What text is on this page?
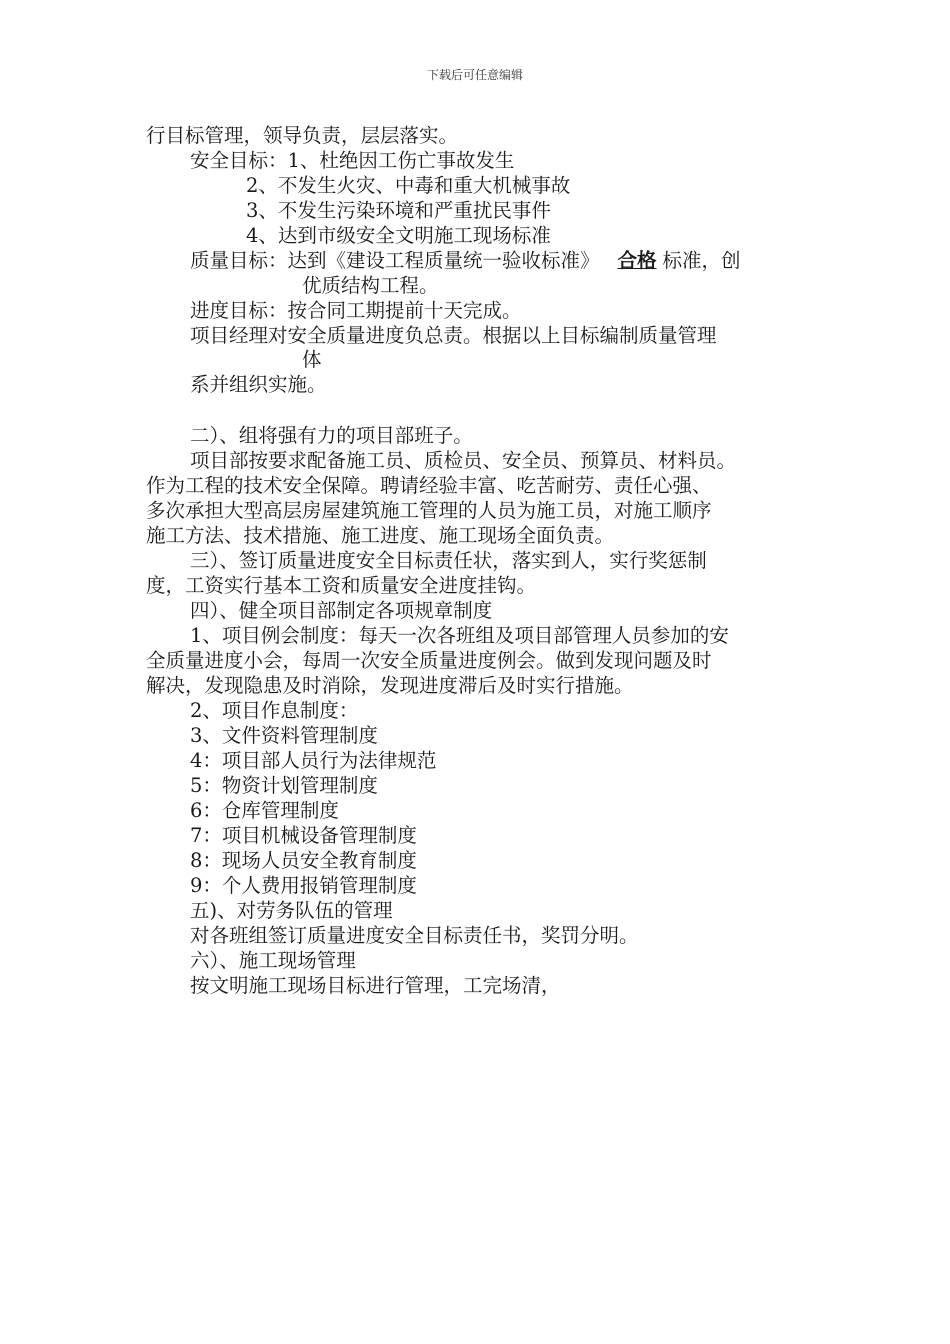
下载后可任意编辑
行目标管理，领导负责，层层落实。
安全目标：1、杜绝因工伤亡事故发生
2、不发生火灾、中毒和重大机械事故
3、不发生污染环境和严重扰民事件
4、达到市级安全文明施工现场标准
质量目标：达到《建设工程质量统一验收标准》 合格 标准，创
优质结构工程。
进度目标：按合同工期提前十天完成。
项目经理对安全质量进度负总责。根据以上目标编制质量管理
体
系并组织实施。
二）、组将强有力的项目部班子。
项目部按要求配备施工员、质检员、安全员、预算员、材料员。
作为工程的技术安全保障。聘请经验丰富、吃苦耐劳、责任心强、
多次承担大型高层房屋建筑施工管理的人员为施工员，对施工顺序
施工方法、技术措施、施工进度、施工现场全面负责。
三）、签订质量进度安全目标责任状，落实到人，实行奖惩制
度，工资实行基本工资和质量安全进度挂钩。
四）、健全项目部制定各项规章制度
1、项目例会制度：每天一次各班组及项目部管理人员参加的安
全质量进度小会，每周一次安全质量进度例会。做到发现问题及时
解决，发现隐患及时消除，发现进度滞后及时实行措施。
2、项目作息制度：
3、文件资料管理制度
4：项目部人员行为法律规范
5：物资计划管理制度
6：仓库管理制度
7：项目机械设备管理制度
8：现场人员安全教育制度
9：个人费用报销管理制度
五)、对劳务队伍的管理
对各班组签订质量进度安全目标责任书，奖罚分明。
六）、施工现场管理
按文明施工现场目标进行管理，工完场清，
